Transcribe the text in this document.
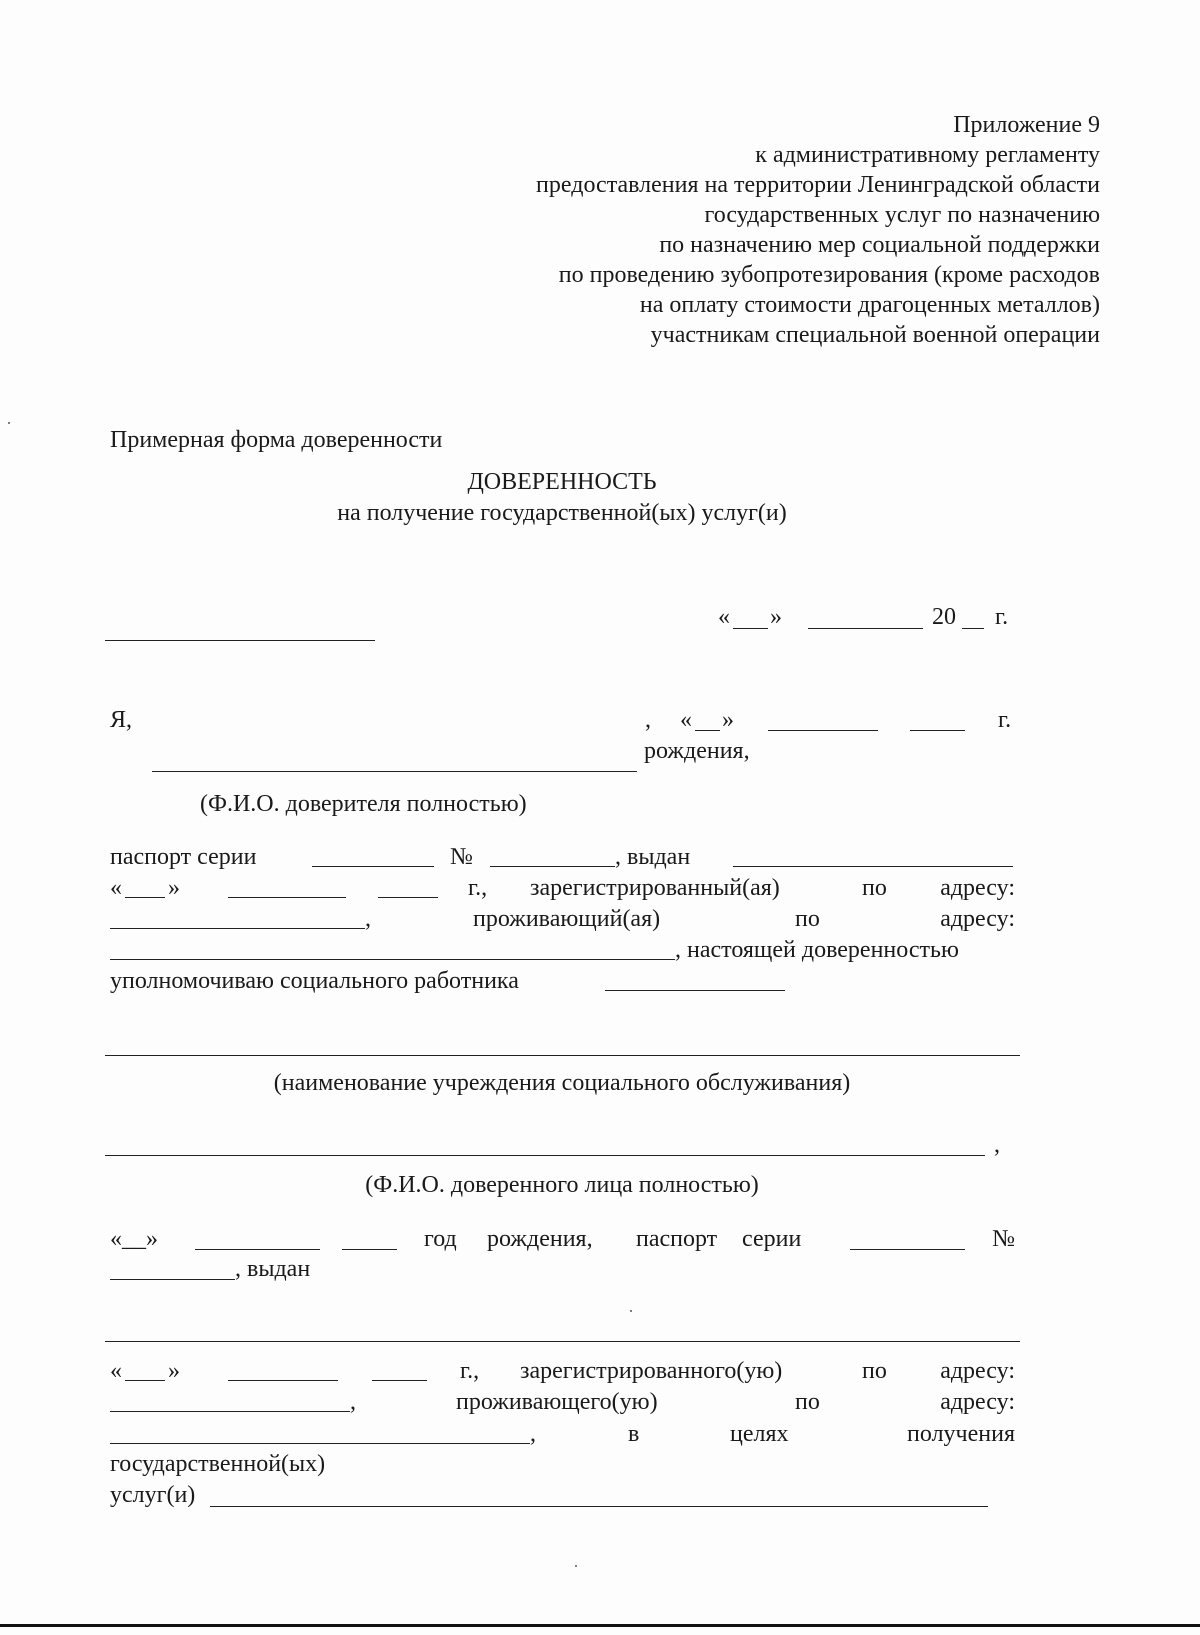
Приложение 9
к административному регламенту
предоставления на территории Ленинградской области
государственных услуг по назначению
по назначению мер социальной поддержки
по проведению зубопротезирования (кроме расходов
на оплату стоимости драгоценных металлов)
участникам специальной военной операции
Примерная форма доверенности
ДОВЕРЕННОСТЬ
на получение государственной(ых) услуг(и)
« »	20 г.
Я,	, « »	г.
рождения,
(Ф.И.О. доверителя полностью)
паспорт серии	№	, выдан
« »	г., зарегистрированный(ая)	по адресу:
,	проживающий(ая)	по	адресу:
, настоящей доверенностью
уполномочиваю социального работника
(наименование учреждения социального обслуживания)
,
(Ф.И.О. доверенного лица полностью)
«__»	год рождения, паспорт серии	№
, выдан
« »	г., зарегистрированного(ую)	по адресу:
,	проживающего(ую)	по	адресу:
,	в	целях	получения
государственной(ых)
услуг(и)
